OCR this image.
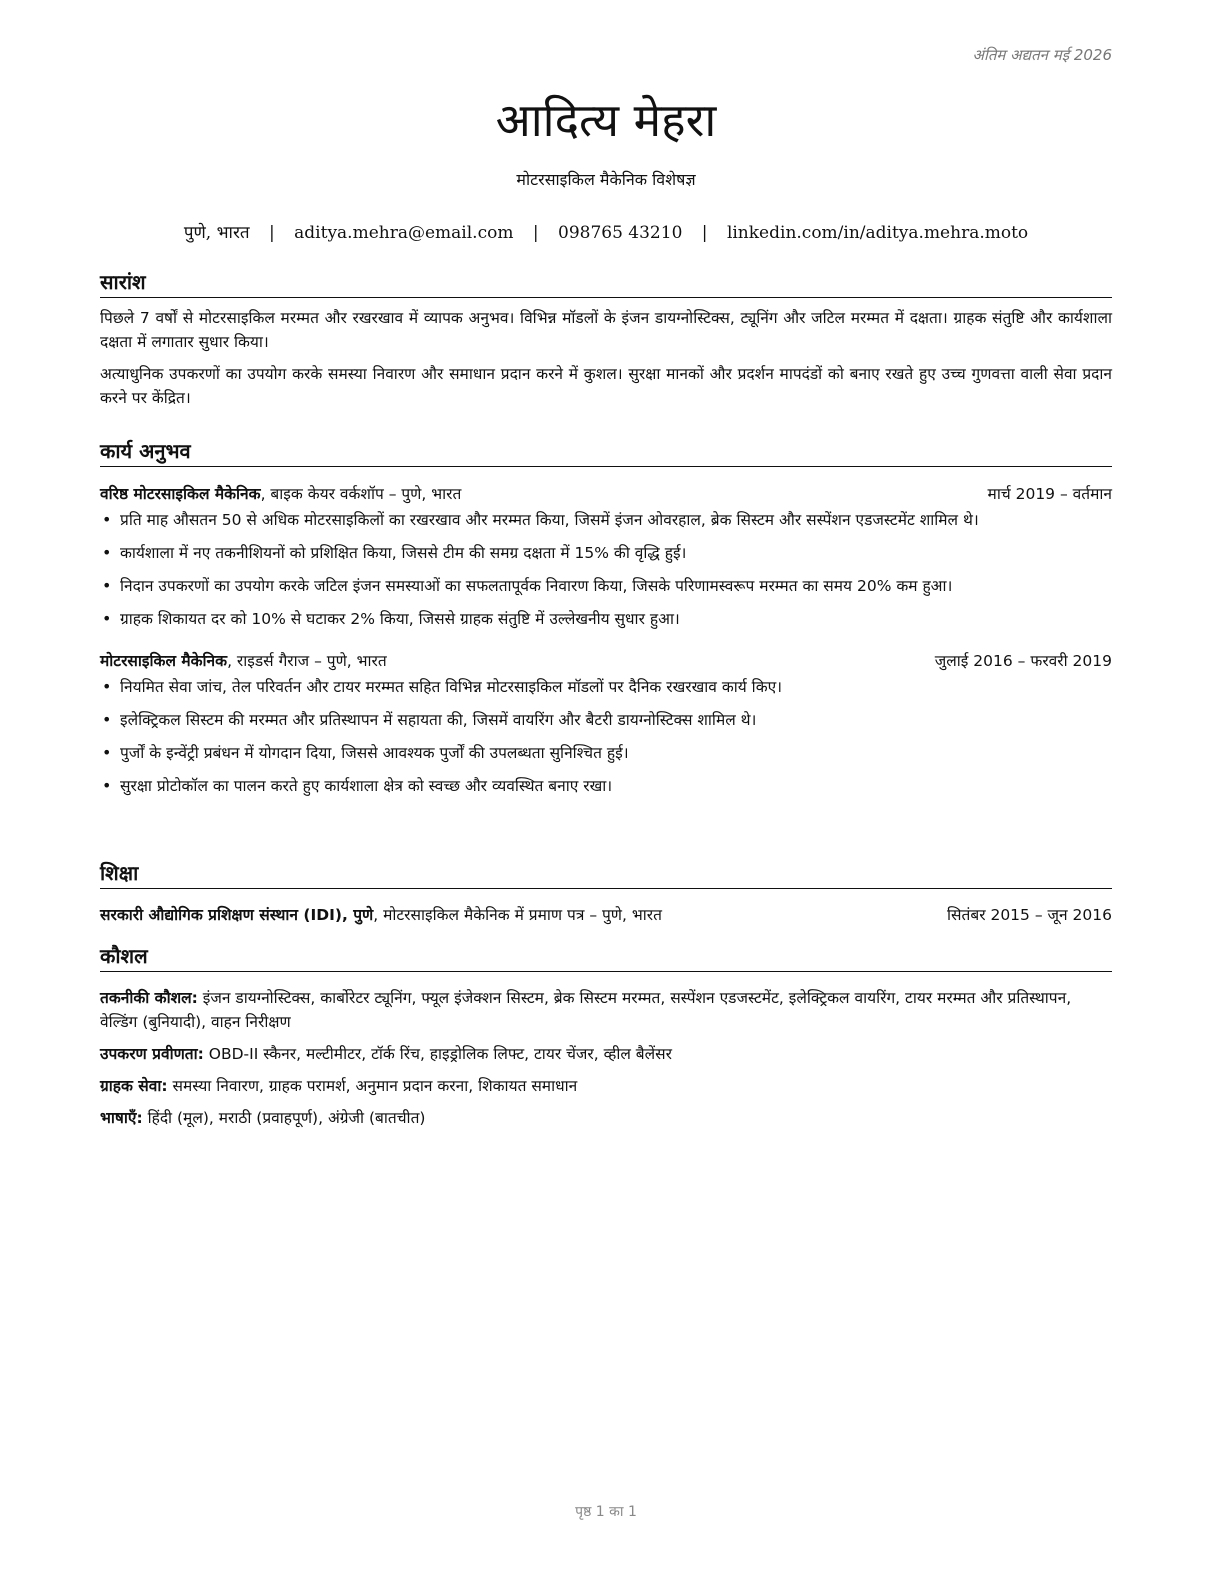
अंतिम अद्यतन मई 2026
आदित्य मेहरा
मोटरसाइकिल मैकेनिक विशेषज्ञ
पुणे, भारत | aditya.mehra@email.com | 098765 43210 | linkedin.com/in/aditya.mehra.moto
सारांश

पिछले 7 वर्षों से मोटरसाइकिल मरम्मत और रखरखाव में व्यापक अनुभव। विभिन्न मॉडलों के इंजन डायग्नोस्टिक्स, ट्यूनिंग और जटिल मरम्मत में दक्षता। ग्राहक संतुष्टि और कार्यशाला दक्षता में लगातार सुधार किया।

अत्याधुनिक उपकरणों का उपयोग करके समस्या निवारण और समाधान प्रदान करने में कुशल। सुरक्षा मानकों और प्रदर्शन मापदंडों को बनाए रखते हुए उच्च गुणवत्ता वाली सेवा प्रदान करने पर केंद्रित।

कार्य अनुभव
वरिष्ठ मोटरसाइकिल मैकेनिक, बाइक केयर वर्कशॉप – पुणे, भारत	मार्च 2019 – वर्तमान
• प्रति माह औसतन 50 से अधिक मोटरसाइकिलों का रखरखाव और मरम्मत किया, जिसमें इंजन ओवरहाल, ब्रेक सिस्टम और सस्पेंशन एडजस्टमेंट शामिल थे।
• कार्यशाला में नए तकनीशियनों को प्रशिक्षित किया, जिससे टीम की समग्र दक्षता में 15% की वृद्धि हुई।
• निदान उपकरणों का उपयोग करके जटिल इंजन समस्याओं का सफलतापूर्वक निवारण किया, जिसके परिणामस्वरूप मरम्मत का समय 20% कम हुआ।
• ग्राहक शिकायत दर को 10% से घटाकर 2% किया, जिससे ग्राहक संतुष्टि में उल्लेखनीय सुधार हुआ।
मोटरसाइकिल मैकेनिक, राइडर्स गैराज – पुणे, भारत	जुलाई 2016 – फरवरी 2019
• नियमित सेवा जांच, तेल परिवर्तन और टायर मरम्मत सहित विभिन्न मोटरसाइकिल मॉडलों पर दैनिक रखरखाव कार्य किए।
• इलेक्ट्रिकल सिस्टम की मरम्मत और प्रतिस्थापन में सहायता की, जिसमें वायरिंग और बैटरी डायग्नोस्टिक्स शामिल थे।
• पुर्जों के इन्वेंट्री प्रबंधन में योगदान दिया, जिससे आवश्यक पुर्जों की उपलब्धता सुनिश्चित हुई।
• सुरक्षा प्रोटोकॉल का पालन करते हुए कार्यशाला क्षेत्र को स्वच्छ और व्यवस्थित बनाए रखा।
शिक्षा
सरकारी औद्योगिक प्रशिक्षण संस्थान (IDI), पुणे, मोटरसाइकिल मैकेनिक में प्रमाण पत्र – पुणे, भारत	सितंबर 2015 – जून 2016
कौशल

तकनीकी कौशल: इंजन डायग्नोस्टिक्स, कार्बोरेटर ट्यूनिंग, फ्यूल इंजेक्शन सिस्टम, ब्रेक सिस्टम मरम्मत, सस्पेंशन एडजस्टमेंट, इलेक्ट्रिकल वायरिंग, टायर मरम्मत और प्रतिस्थापन, वेल्डिंग (बुनियादी), वाहन निरीक्षण

उपकरण प्रवीणता: OBD-II स्कैनर, मल्टीमीटर, टॉर्क रिंच, हाइड्रोलिक लिफ्ट, टायर चेंजर, व्हील बैलेंसर

ग्राहक सेवा: समस्या निवारण, ग्राहक परामर्श, अनुमान प्रदान करना, शिकायत समाधान

भाषाएँ: हिंदी (मूल), मराठी (प्रवाहपूर्ण), अंग्रेजी (बातचीत)

पृष्ठ 1 का 1
